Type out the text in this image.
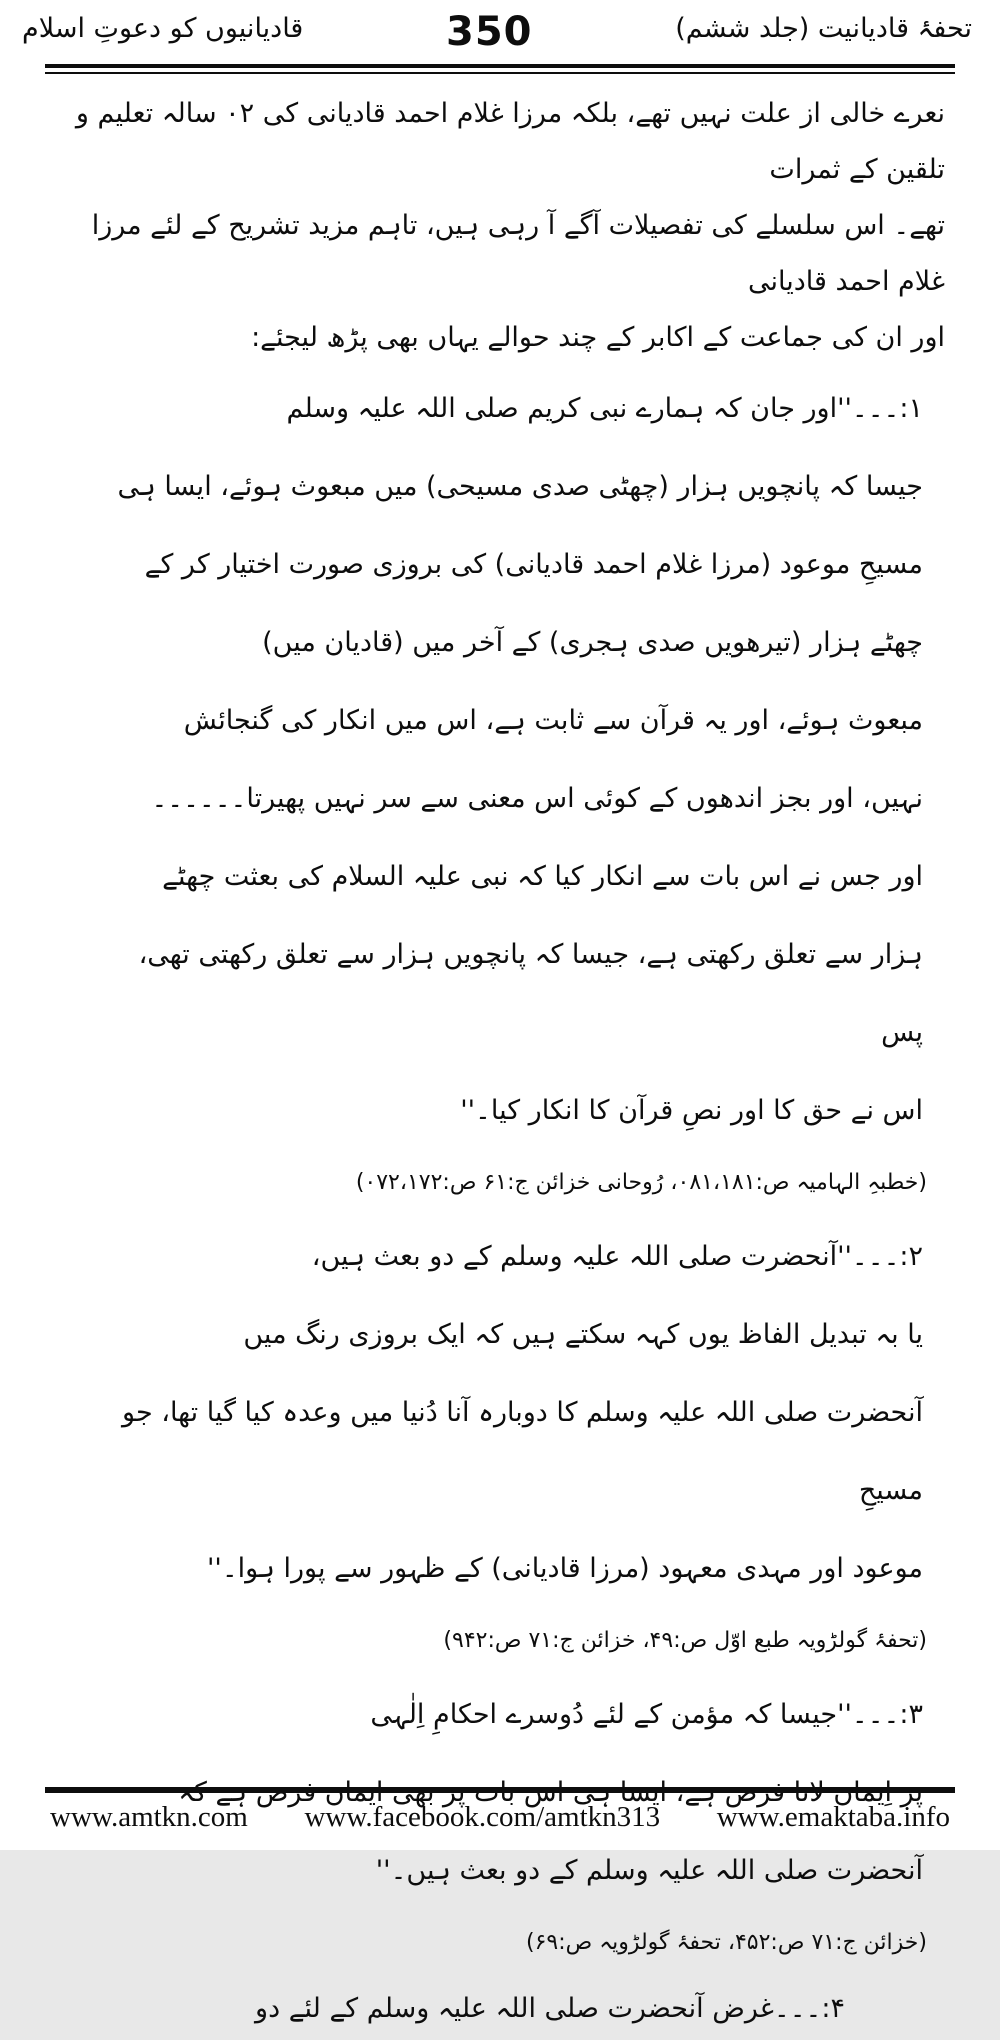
قادیانیوں کو دعوتِ اسلام	350	تحفۂ قادیانیت (جلد ششم)
نعرے خالی از علت نہیں تھے، بلکہ مرزا غلام احمد قادیانی کی ۰۲ سالہ تعلیم و تلقین کے ثمرات
تھے۔ اس سلسلے کی تفصیلات آگے آ رہی ہیں، تاہم مزید تشریح کے لئے مرزا غلام احمد قادیانی
اور ان کی جماعت کے اکابر کے چند حوالے یہاں بھی پڑھ لیجئے:
۱:۔۔۔''اور جان کہ ہمارے نبی کریم صلی اللہ علیہ وسلم
جیسا کہ پانچویں ہزار (چھٹی صدی مسیحی) میں مبعوث ہوئے، ایسا ہی
مسیحِ موعود (مرزا غلام احمد قادیانی) کی بروزی صورت اختیار کر کے
چھٹے ہزار (تیرھویں صدی ہجری) کے آخر میں (قادیان میں)
مبعوث ہوئے، اور یہ قرآن سے ثابت ہے، اس میں انکار کی گنجائش
نہیں، اور بجز اندھوں کے کوئی اس معنی سے سر نہیں پھیرتا۔۔۔۔۔۔
اور جس نے اس بات سے انکار کیا کہ نبی علیہ السلام کی بعثت چھٹے
ہزار سے تعلق رکھتی ہے، جیسا کہ پانچویں ہزار سے تعلق رکھتی تھی، پس
اس نے حق کا اور نصِ قرآن کا انکار کیا۔''
(خطبہِ الہامیہ ص:۰۸۱،۱۸۱، رُوحانی خزائن ج:۶۱ ص:۰۷۲،۱۷۲)
۲:۔۔۔''آنحضرت صلی اللہ علیہ وسلم کے دو بعث ہیں،
یا بہ تبدیل الفاظ یوں کہہ سکتے ہیں کہ ایک بروزی رنگ میں
آنحضرت صلی اللہ علیہ وسلم کا دوبارہ آنا دُنیا میں وعدہ کیا گیا تھا، جو مسیحِ
موعود اور مہدی معہود (مرزا قادیانی) کے ظہور سے پورا ہوا۔''
(تحفۂ گولڑویہ طبع اوّل ص:۴۹، خزائن ج:۷۱ ص:۹۴۲)
۳:۔۔۔''جیسا کہ مؤمن کے لئے دُوسرے احکامِ اِلٰہی
پر اِیمان لانا فرض ہے، ایسا ہی اس بات پر بھی ایمان فرض ہے کہ
آنحضرت صلی اللہ علیہ وسلم کے دو بعث ہیں۔''
(خزائن ج:۷۱ ص:۴۵۲، تحفۂ گولڑویہ ص:۶۹)
۴:۔۔۔غرض آنحضرت صلی اللہ علیہ وسلم کے لئے دو
www.amtkn.com www.facebook.com/amtkn313 www.emaktaba.info
